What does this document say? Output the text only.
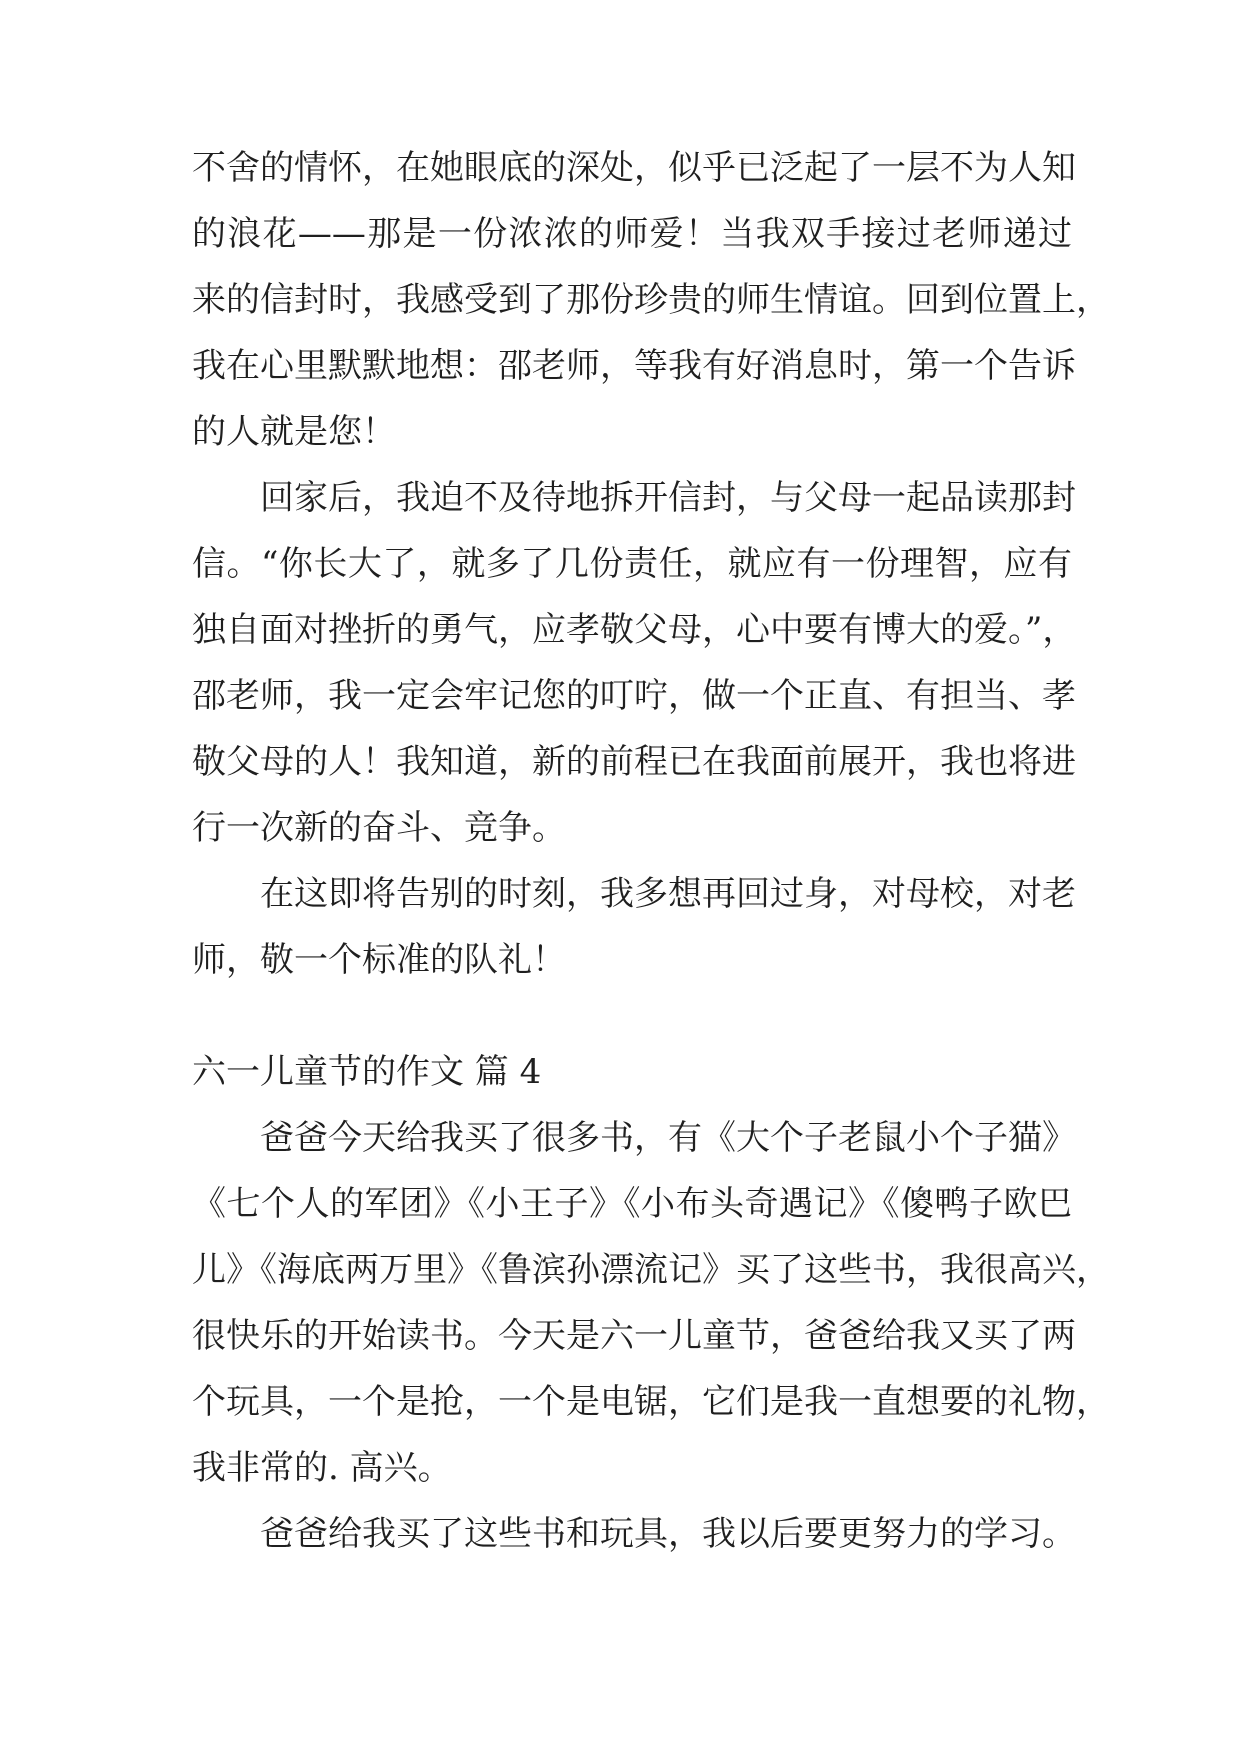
不舍的情怀，在她眼底的深处，似乎已泛起了一层不为人知
的浪花——那是一份浓浓的师爱！当我双手接过老师递过
来的信封时，我感受到了那份珍贵的师生情谊。回到位置上，
我在心里默默地想：邵老师，等我有好消息时，第一个告诉
的人就是您！
回家后，我迫不及待地拆开信封，与父母一起品读那封
信。“你长大了，就多了几份责任，就应有一份理智，应有
独自面对挫折的勇气，应孝敬父母，心中要有博大的爱。”，
邵老师，我一定会牢记您的叮咛，做一个正直、有担当、孝
敬父母的人！我知道，新的前程已在我面前展开，我也将进
行一次新的奋斗、竞争。
在这即将告别的时刻，我多想再回过身，对母校，对老
师，敬一个标准的队礼！
六一儿童节的作文 篇 4
爸爸今天给我买了很多书，有《大个子老鼠小个子猫》
《七个人的军团》《小王子》《小布头奇遇记》《傻鸭子欧巴
儿》《海底两万里》《鲁滨孙漂流记》买了这些书，我很高兴，
很快乐的开始读书。今天是六一儿童节，爸爸给我又买了两
个玩具，一个是抢，一个是电锯，它们是我一直想要的礼物，
我非常的. 高兴。
爸爸给我买了这些书和玩具，我以后要更努力的学习。
